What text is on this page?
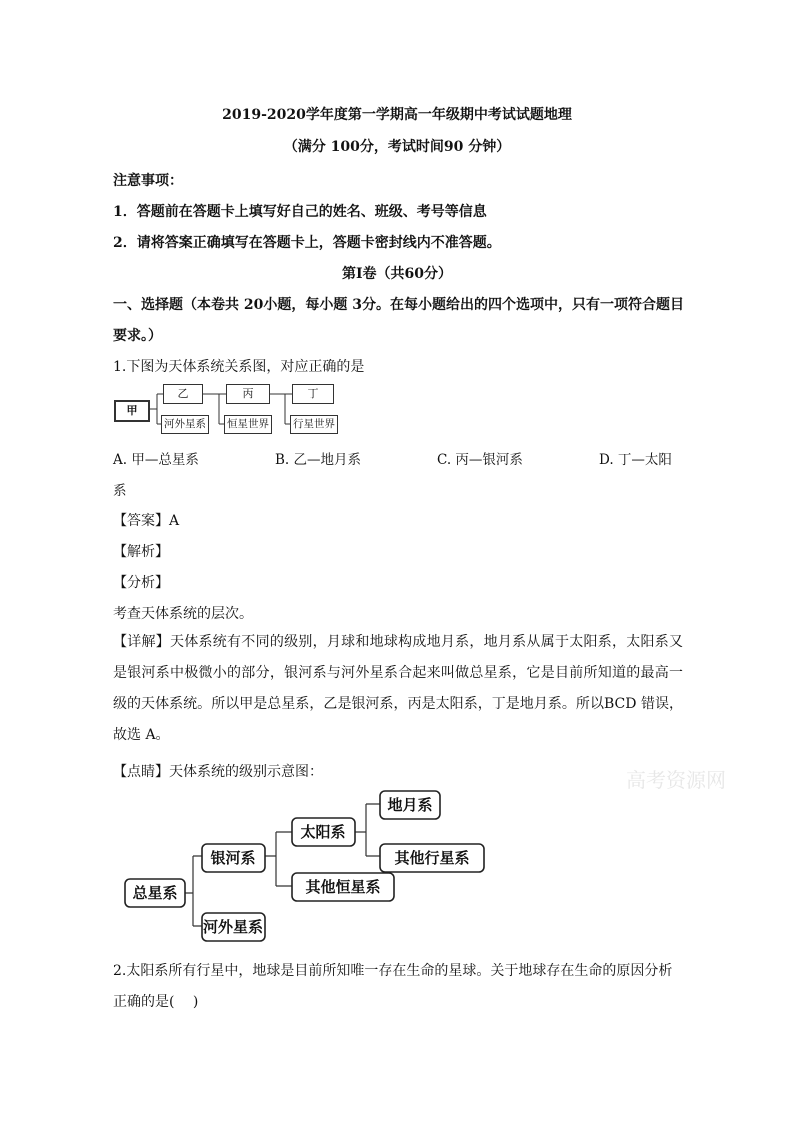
2019-2020学年度第一学期高一年级期中考试试题地理
（满分 100分，考试时间90 分钟）
注意事项：
1．答题前在答题卡上填写好自己的姓名、班级、考号等信息
2．请将答案正确填写在答题卡上，答题卡密封线内不准答题。
第Ⅰ卷（共60分）
一、选择题（本卷共 20小题，每小题 3分。在每小题给出的四个选项中，只有一项符合题目
要求。）
1.下图为天体系统关系图，对应正确的是
甲
乙	丙	丁
河外星系 恒星世界 行星世界
A. 甲—总星系	B. 乙—地月系	C. 丙—银河系	D. 丁—太阳
系
【答案】A
【解析】
【分析】
考查天体系统的层次。
【详解】天体系统有不同的级别，月球和地球构成地月系，地月系从属于太阳系，太阳系又是银河系中极微小的部分，银河系与河外星系合起来叫做总星系，它是目前所知道的最高一级的天体系统。所以甲是总星系，乙是银河系，丙是太阳系，丁是地月系。所以BCD 错误，故选 A。
【点睛】天体系统的级别示意图：	高考资源网
总星系
银河系
河外星系
太阳系
其他恒星系
地月系
其他行星系
2.太阳系所有行星中，地球是目前所知唯一存在生命的星球。关于地球存在生命的原因分析
正确的是(　 )
